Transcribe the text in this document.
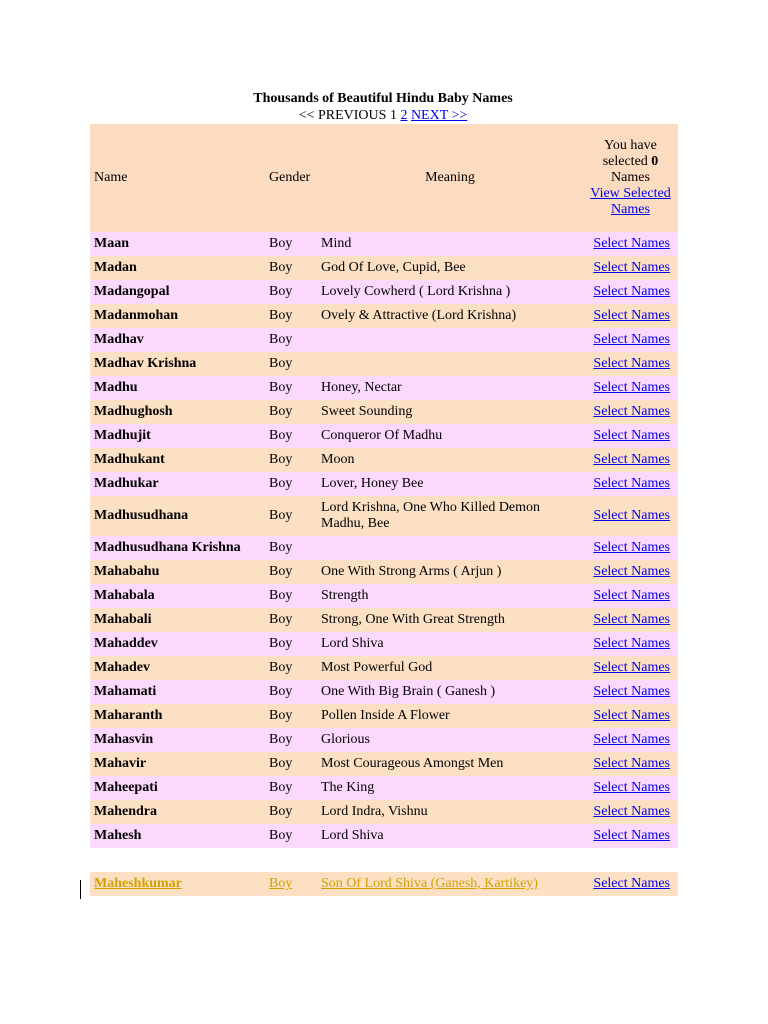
Thousands of Beautiful Hindu Baby Names
<< PREVIOUS 1 2 NEXT >>
Name	Gender	Meaning	You have selected 0 Names
View Selected Names
Maan	Boy	Mind	Select Names
Madan	Boy	God Of Love, Cupid, Bee	Select Names
Madangopal	Boy	Lovely Cowherd ( Lord Krishna )	Select Names
Madanmohan	Boy	Ovely & Attractive (Lord Krishna)	Select Names
Madhav	Boy		Select Names
Madhav Krishna	Boy		Select Names
Madhu	Boy	Honey, Nectar	Select Names
Madhughosh	Boy	Sweet Sounding	Select Names
Madhujit	Boy	Conqueror Of Madhu	Select Names
Madhukant	Boy	Moon	Select Names
Madhukar	Boy	Lover, Honey Bee	Select Names
Madhusudhana	Boy	Lord Krishna, One Who Killed Demon Madhu, Bee	Select Names
Madhusudhana Krishna	Boy		Select Names
Mahabahu	Boy	One With Strong Arms ( Arjun )	Select Names
Mahabala	Boy	Strength	Select Names
Mahabali	Boy	Strong, One With Great Strength	Select Names
Mahaddev	Boy	Lord Shiva	Select Names
Mahadev	Boy	Most Powerful God	Select Names
Mahamati	Boy	One With Big Brain ( Ganesh )	Select Names
Maharanth	Boy	Pollen Inside A Flower	Select Names
Mahasvin	Boy	Glorious	Select Names
Mahavir	Boy	Most Courageous Amongst Men	Select Names
Maheepati	Boy	The King	Select Names
Mahendra	Boy	Lord Indra, Vishnu	Select Names
Mahesh	Boy	Lord Shiva	Select Names

Maheshkumar	Boy	Son Of Lord Shiva (Ganesh, Kartikey)	Select Names
